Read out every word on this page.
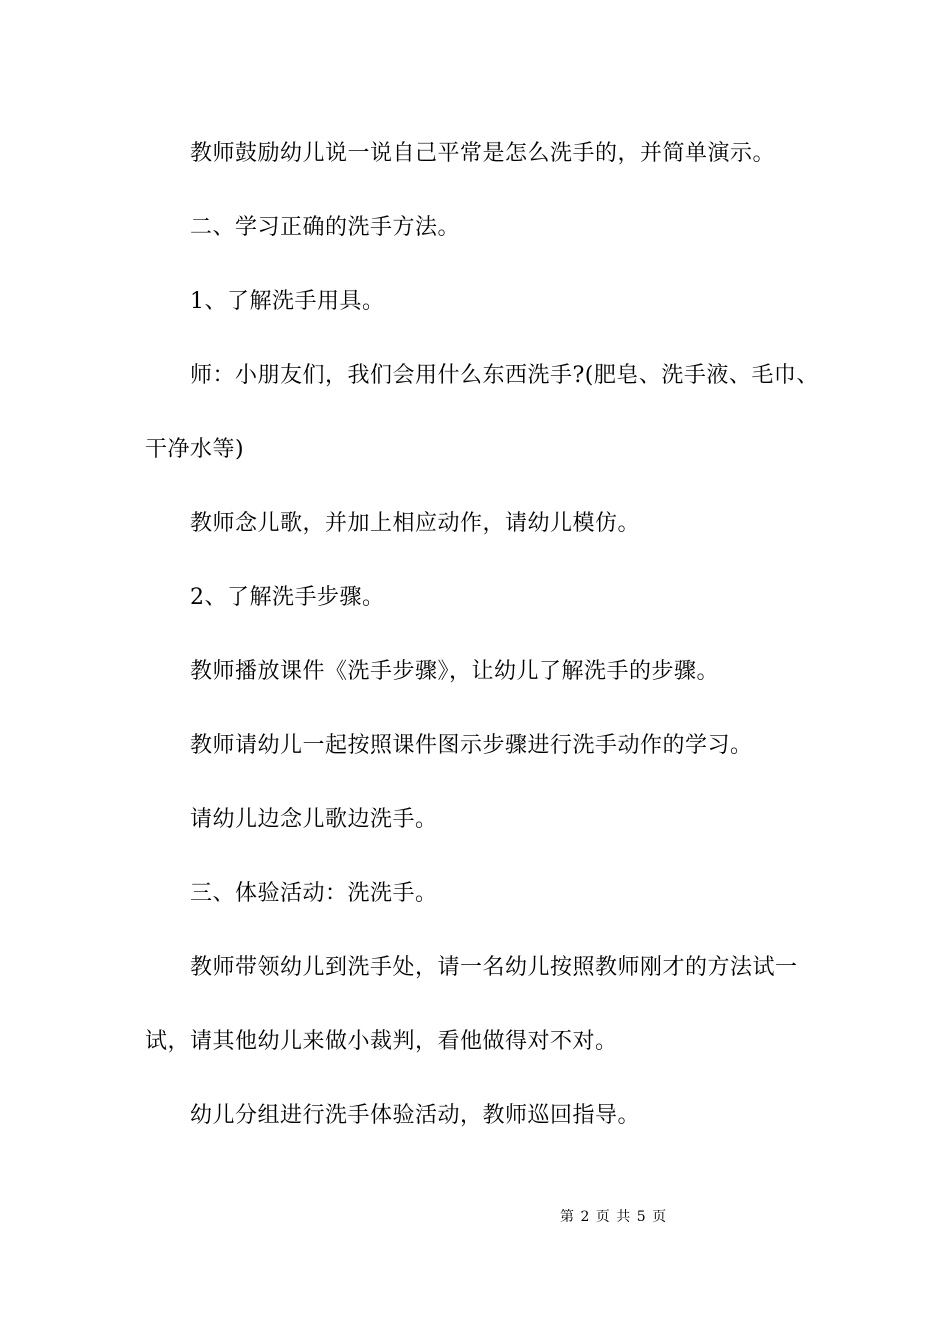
教师鼓励幼儿说一说自己平常是怎么洗手的，并简单演示。
二、学习正确的洗手方法。
1、了解洗手用具。
师：小朋友们，我们会用什么东西洗手?(肥皂、洗手液、毛巾、
干净水等)
教师念儿歌，并加上相应动作，请幼儿模仿。
2、了解洗手步骤。
教师播放课件《洗手步骤》，让幼儿了解洗手的步骤。
教师请幼儿一起按照课件图示步骤进行洗手动作的学习。
请幼儿边念儿歌边洗手。
三、体验活动：洗洗手。
教师带领幼儿到洗手处，请一名幼儿按照教师刚才的方法试一
试，请其他幼儿来做小裁判，看他做得对不对。
幼儿分组进行洗手体验活动，教师巡回指导。
第 2 页 共 5 页
